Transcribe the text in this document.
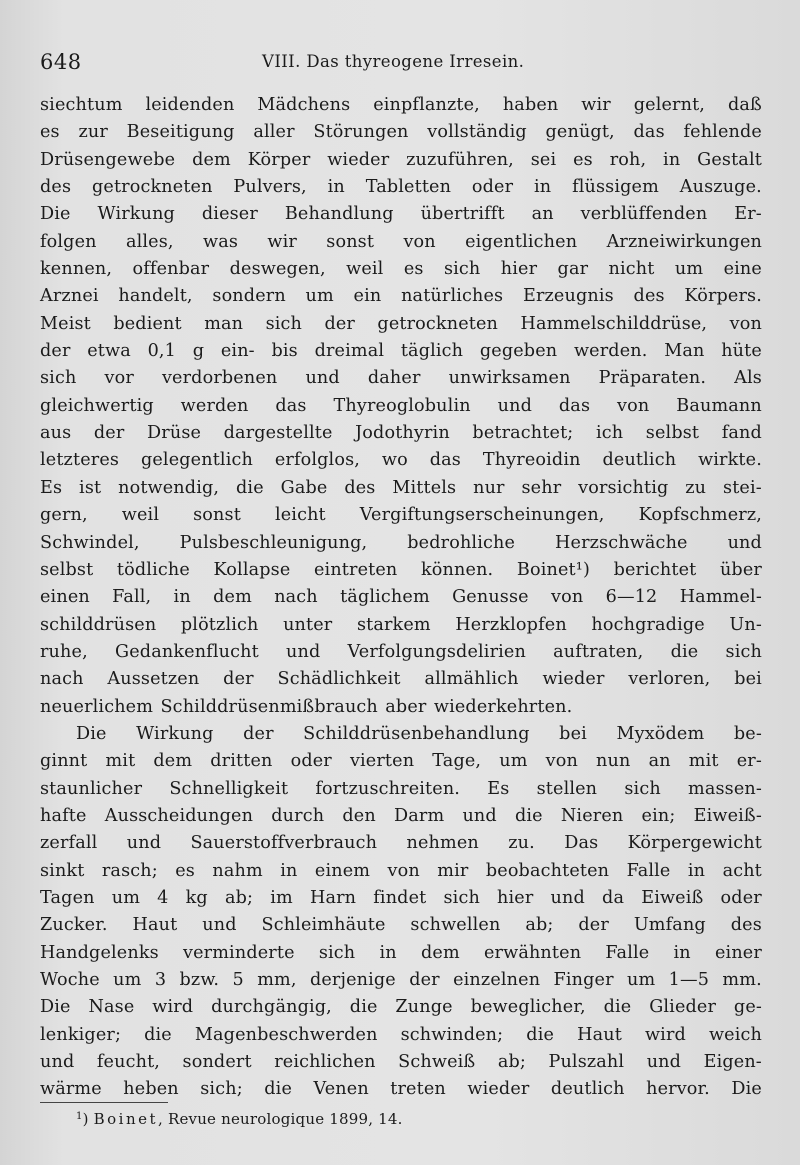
648	VIII. Das thyreogene Irresein.
siechtum leidenden Mädchens einpflanzte, haben wir gelernt, daß
es zur Beseitigung aller Störungen vollständig genügt, das fehlende
Drüsengewebe dem Körper wieder zuzuführen, sei es roh, in Gestalt
des getrockneten Pulvers, in Tabletten oder in flüssigem Auszuge.
Die Wirkung dieser Behandlung übertrifft an verblüffenden Er-
folgen alles, was wir sonst von eigentlichen Arzneiwirkungen
kennen, offenbar deswegen, weil es sich hier gar nicht um eine
Arznei handelt, sondern um ein natürliches Erzeugnis des Körpers.
Meist bedient man sich der getrockneten Hammelschilddrüse, von
der etwa 0,1 g ein- bis dreimal täglich gegeben werden. Man hüte
sich vor verdorbenen und daher unwirksamen Präparaten. Als
gleichwertig werden das Thyreoglobulin und das von Baumann
aus der Drüse dargestellte Jodothyrin betrachtet; ich selbst fand
letzteres gelegentlich erfolglos, wo das Thyreoidin deutlich wirkte.
Es ist notwendig, die Gabe des Mittels nur sehr vorsichtig zu stei-
gern, weil sonst leicht Vergiftungserscheinungen, Kopfschmerz,
Schwindel, Pulsbeschleunigung, bedrohliche Herzschwäche und
selbst tödliche Kollapse eintreten können. Boinet¹) berichtet über
einen Fall, in dem nach täglichem Genusse von 6—12 Hammel-
schilddrüsen plötzlich unter starkem Herzklopfen hochgradige Un-
ruhe, Gedankenflucht und Verfolgungsdelirien auftraten, die sich
nach Aussetzen der Schädlichkeit allmählich wieder verloren, bei
neuerlichem Schilddrüsenmißbrauch aber wiederkehrten.
Die Wirkung der Schilddrüsenbehandlung bei Myxödem be-
ginnt mit dem dritten oder vierten Tage, um von nun an mit er-
staunlicher Schnelligkeit fortzuschreiten. Es stellen sich massen-
hafte Ausscheidungen durch den Darm und die Nieren ein; Eiweiß-
zerfall und Sauerstoffverbrauch nehmen zu. Das Körpergewicht
sinkt rasch; es nahm in einem von mir beobachteten Falle in acht
Tagen um 4 kg ab; im Harn findet sich hier und da Eiweiß oder
Zucker. Haut und Schleimhäute schwellen ab; der Umfang des
Handgelenks verminderte sich in dem erwähnten Falle in einer
Woche um 3 bzw. 5 mm, derjenige der einzelnen Finger um 1—5 mm.
Die Nase wird durchgängig, die Zunge beweglicher, die Glieder ge-
lenkiger; die Magenbeschwerden schwinden; die Haut wird weich
und feucht, sondert reichlichen Schweiß ab; Pulszahl und Eigen-
wärme heben sich; die Venen treten wieder deutlich hervor. Die
$^1$) Boinet, Revue neurologique 1899, 14.
